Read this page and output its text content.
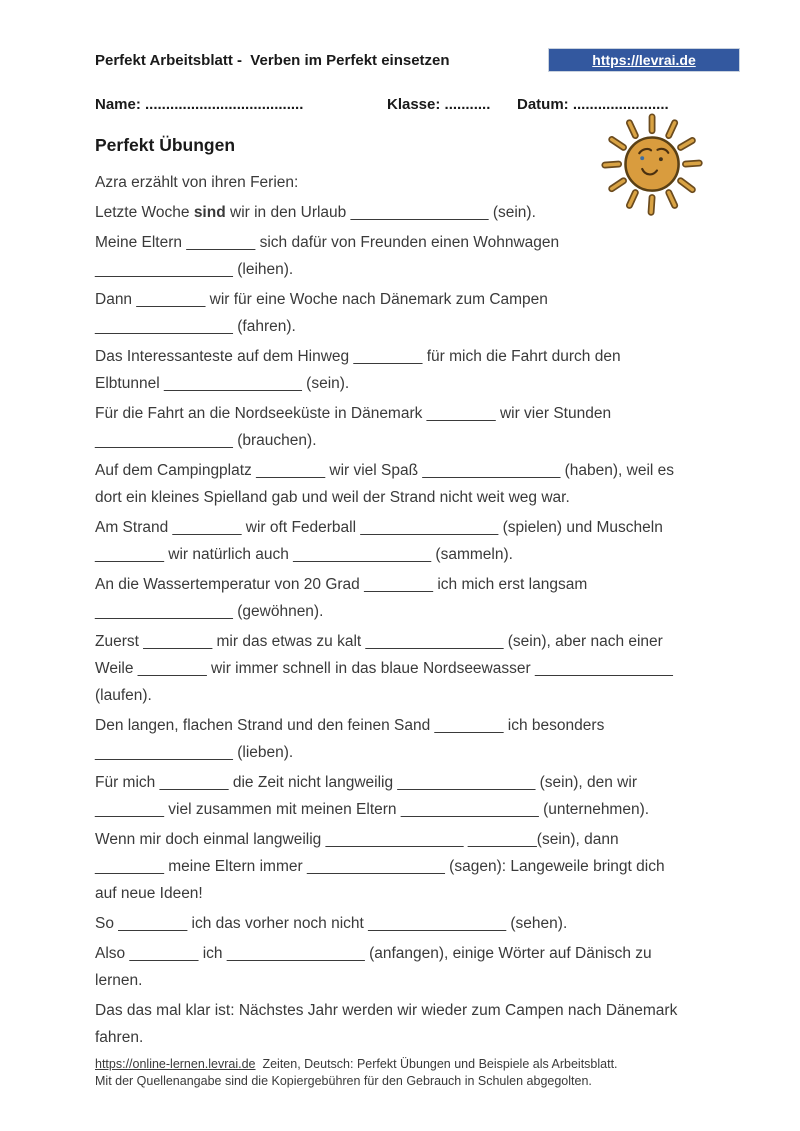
Perfekt Arbeitsblatt -  Verben im Perfekt einsetzen	https://levrai.de
Name: ......................................	Klasse: ...........	Datum: .......................
Perfekt Übungen
Azra erzählt von ihren Ferien:
Letzte Woche sind wir in den Urlaub ________________ (sein).
Meine Eltern ________ sich dafür von Freunden einen Wohnwagen
________________ (leihen).
Dann ________ wir für eine Woche nach Dänemark zum Campen
________________ (fahren).
Das Interessanteste auf dem Hinweg ________ für mich die Fahrt durch den
Elbtunnel ________________ (sein).
Für die Fahrt an die Nordseeküste in Dänemark ________ wir vier Stunden
________________ (brauchen).
Auf dem Campingplatz ________ wir viel Spaß ________________ (haben), weil es
dort ein kleines Spielland gab und weil der Strand nicht weit weg war.
Am Strand ________ wir oft Federball ________________ (spielen) und Muscheln
________ wir natürlich auch ________________ (sammeln).
An die Wassertemperatur von 20 Grad ________ ich mich erst langsam
________________ (gewöhnen).
Zuerst ________ mir das etwas zu kalt ________________ (sein), aber nach einer
Weile ________ wir immer schnell in das blaue Nordseewasser ________________
(laufen).
Den langen, flachen Strand und den feinen Sand ________ ich besonders
________________ (lieben).
Für mich ________ die Zeit nicht langweilig ________________ (sein), den wir
________ viel zusammen mit meinen Eltern ________________ (unternehmen).
Wenn mir doch einmal langweilig ________________ ________(sein), dann
________ meine Eltern immer ________________ (sagen): Langeweile bringt dich
auf neue Ideen!
So ________ ich das vorher noch nicht ________________ (sehen).
Also ________ ich ________________ (anfangen), einige Wörter auf Dänisch zu
lernen.
Das das mal klar ist: Nächstes Jahr werden wir wieder zum Campen nach Dänemark
fahren.
https://online-lernen.levrai.de  Zeiten, Deutsch: Perfekt Übungen und Beispiele als Arbeitsblatt.
Mit der Quellenangabe sind die Kopiergebühren für den Gebrauch in Schulen abgegolten.
